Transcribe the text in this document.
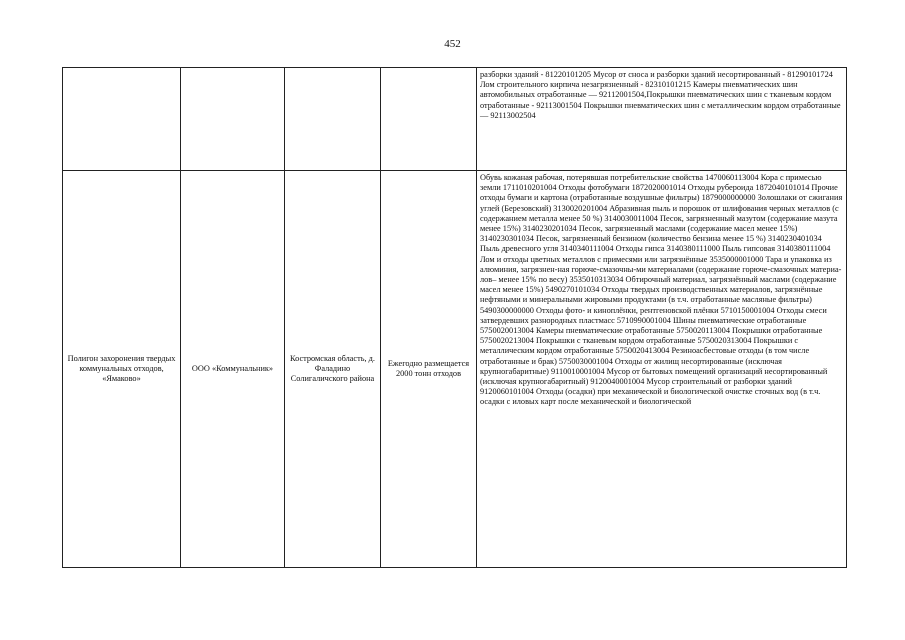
452
				разборки зданий - 81220101205 Мусор от сноса и разборки зданий несортированный - 81290101724 Лом строительного кирпича незагрязненный - 82310101215 Камеры пневматических шин автомобильных отработанные — 92112001504,Покрышки пневматических шин с тканевым кордом отработанные - 92113001504 Покрышки пневматических шин с металлическим кордом отработанные — 92113002504
Полигон захоронения твердых коммунальных отходов, «Ямаково»	ООО «Коммунальник»	Костромская область, д. Фаладино Солигаличского района	Ежегодно размещается 2000 тонн отходов	Обувь кожаная рабочая, потерявшая потребительские свойства 1470060113004 Кора с примесью земли 1711010201004 Отходы фотобумаги 1872020001014 Отходы рубероида 1872040101014 Прочие отходы бумаги и картона (отработанные воздушные фильтры) 1879000000000 Золошлаки от сжигания углей (Березовский) 3130020201004 Абразивная пыль и порошок от шлифования черных металлов (с содержанием металла менее 50 %) 3140030011004 Песок, загрязненный мазутом (содержание мазута менее 15%) 3140230201034 Песок, загрязненный маслами (содержание масел менее 15%) 3140230301034 Песок, загрязненный бензином (количество бензина менее 15 %) 3140230401034 Пыль древесного угля 3140340111004 Отходы гипса 3140380111000 Пыль гипсовая 3140380111004 Лом и отходы цветных металлов с примесями или загрязнённые 3535000001000 Тара и упаковка из алюминия, загрязнен-ная горюче-смазочны-ми материалами (содержание горюче-смазочных материа-лов– менее 15% по весу) 3535010313034 Обтирочный материал, загрязнённый маслами (содержание масел менее 15%) 5490270101034 Отходы твердых производственных материалов, загрязнённые нефтяными и минеральными жировыми продуктами (в т.ч. отработанные масляные фильтры) 5490300000000 Отходы фото- и кинoплёнки, рентгеновской плёнки 5710150001004 Отходы смеси затвердевших разнородных пластмасс 5710990001004 Шины пневматические отработанные 5750020013004 Камеры пневматические отработанные 5750020113004 Покрышки отработанные 5750020213004 Покрышки с тканевым кордом отработанные 5750020313004 Покрышки с металлическим кордом отработанные 5750020413004 Резиноасбестовые отходы (в том числе отработанные и брак) 5750030001004 Отходы от жилищ несортированные (исключая крупногабаритные) 9110010001004 Мусор от бытовых помещений организаций несортированный (исключая крупногабаритный) 9120040001004 Мусор строительный от разборки зданий 9120060101004 Отходы (осадки) при механической и биологической очистке сточных вод (в т.ч. осадки с иловых карт после механической и биологической
